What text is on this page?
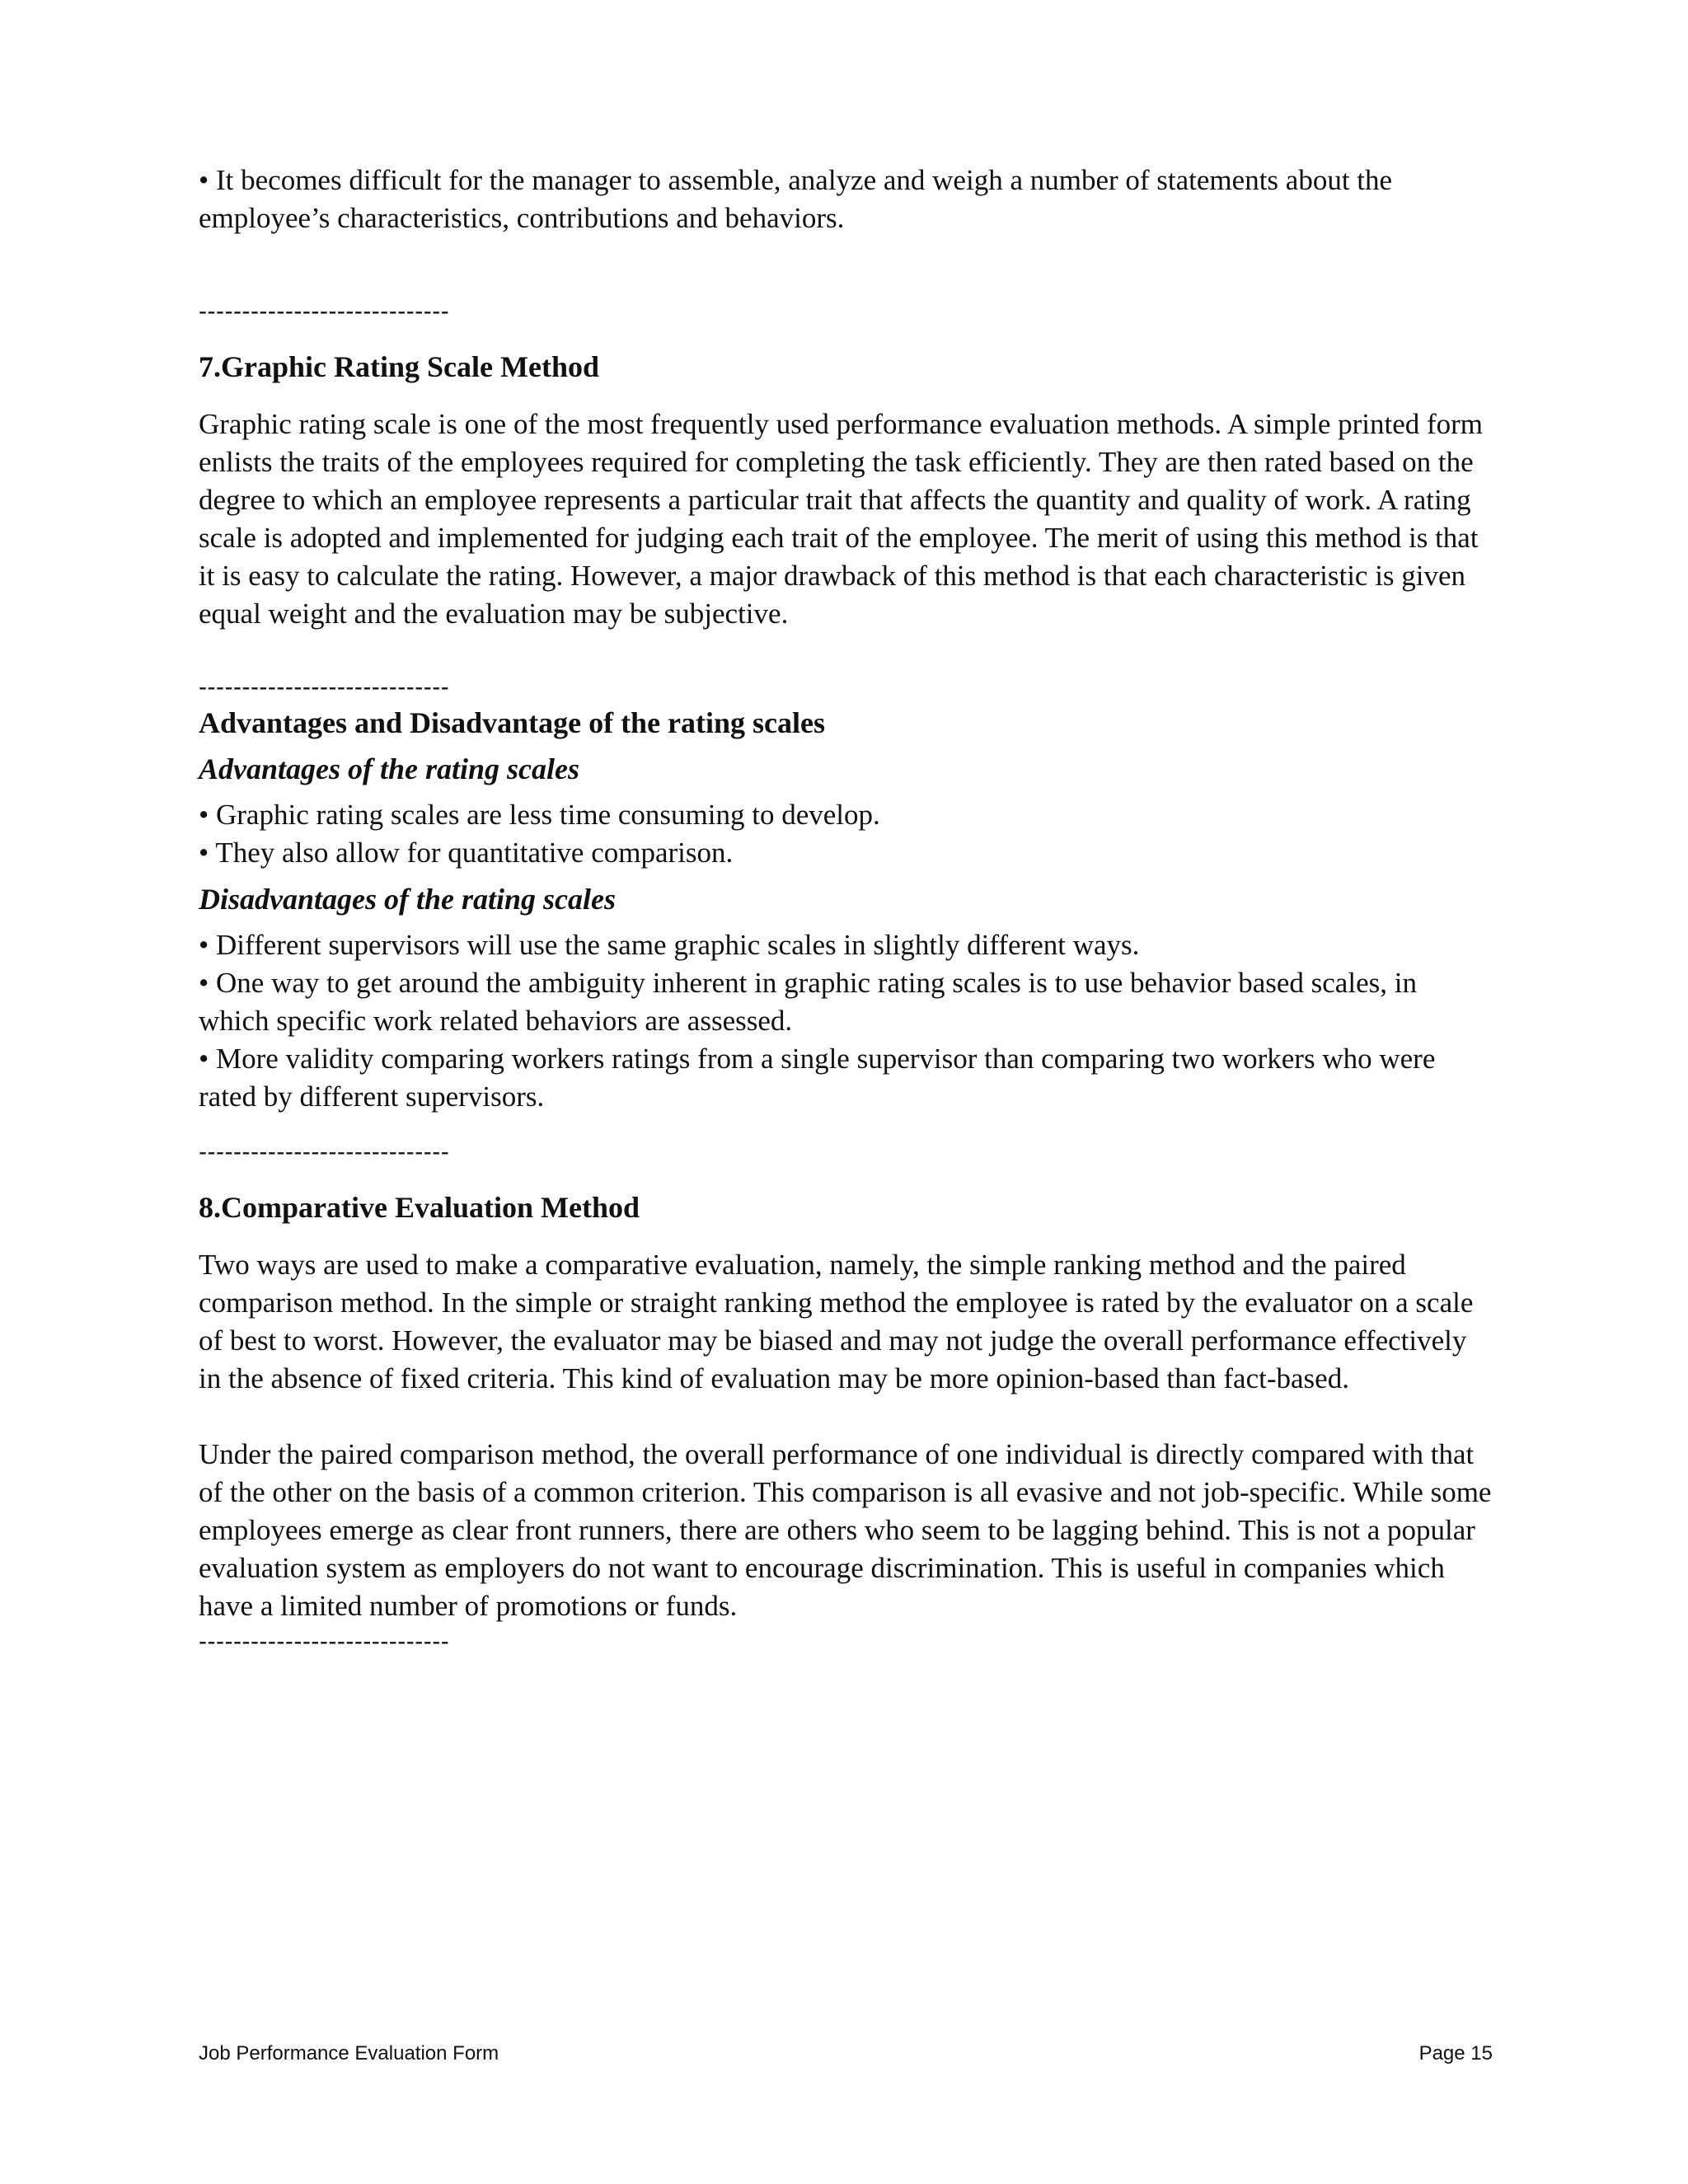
• It becomes difficult for the manager to assemble, analyze and weigh a number of statements about the employee’s characteristics, contributions and behaviors.

-----------------------------

7.Graphic Rating Scale Method

Graphic rating scale is one of the most frequently used performance evaluation methods. A simple printed form enlists the traits of the employees required for completing the task efficiently. They are then rated based on the degree to which an employee represents a particular trait that affects the quantity and quality of work. A rating scale is adopted and implemented for judging each trait of the employee. The merit of using this method is that it is easy to calculate the rating. However, a major drawback of this method is that each characteristic is given equal weight and the evaluation may be subjective.

-----------------------------

Advantages and Disadvantage of the rating scales

Advantages of the rating scales

• Graphic rating scales are less time consuming to develop.

• They also allow for quantitative comparison.

Disadvantages of the rating scales

• Different supervisors will use the same graphic scales in slightly different ways.

• One way to get around the ambiguity inherent in graphic rating scales is to use behavior based scales, in which specific work related behaviors are assessed.

• More validity comparing workers ratings from a single supervisor than comparing two workers who were rated by different supervisors.

-----------------------------

8.Comparative Evaluation Method

Two ways are used to make a comparative evaluation, namely, the simple ranking method and the paired comparison method. In the simple or straight ranking method the employee is rated by the evaluator on a scale of best to worst. However, the evaluator may be biased and may not judge the overall performance effectively in the absence of fixed criteria. This kind of evaluation may be more opinion-based than fact-based.

Under the paired comparison method, the overall performance of one individual is directly compared with that of the other on the basis of a common criterion. This comparison is all evasive and not job-specific. While some employees emerge as clear front runners, there are others who seem to be lagging behind. This is not a popular evaluation system as employers do not want to encourage discrimination. This is useful in companies which have a limited number of promotions or funds.

-----------------------------
Job Performance Evaluation Form	Page 15
